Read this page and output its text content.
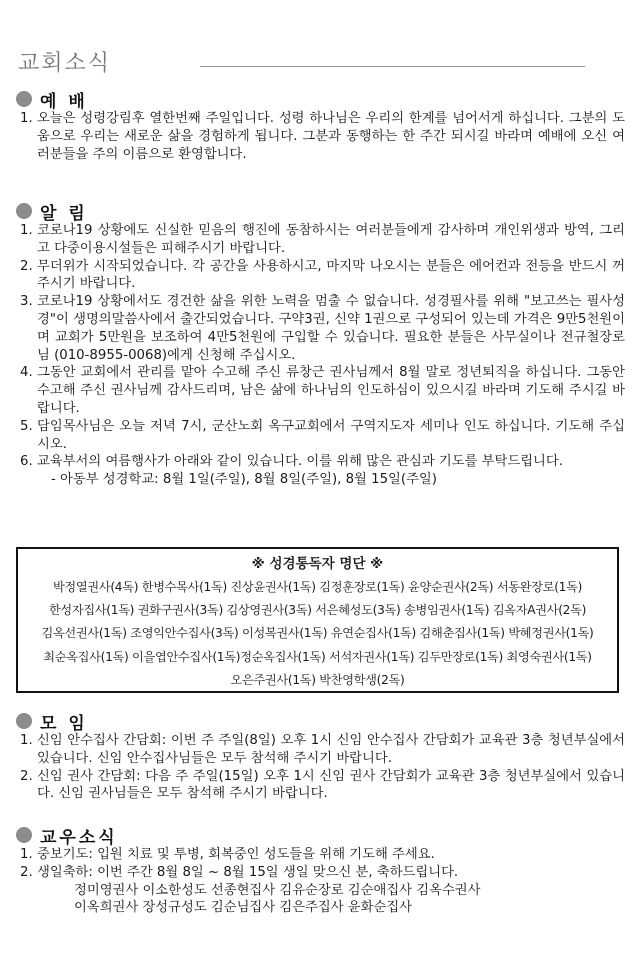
교회소식
예 배
1. 오늘은 성령강림후 열한번째 주일입니다. 성령 하나님은 우리의 한계를 넘어서게 하십니다. 그분의 도움으로 우리는 새로운 삶을 경험하게 됩니다. 그분과 동행하는 한 주간 되시길 바라며 예배에 오신 여러분들을 주의 이름으로 환영합니다.
알 림
1. 코로나19 상황에도 신실한 믿음의 행진에 동참하시는 여러분들에게 감사하며 개인위생과 방역, 그리고 다중이용시설들은 피해주시기 바랍니다.
2. 무더위가 시작되었습니다. 각 공간을 사용하시고, 마지막 나오시는 분들은 에어컨과 전등을 반드시 꺼주시기 바랍니다.
3. 코로나19 상황에서도 경건한 삶을 위한 노력을 멈출 수 없습니다. 성경필사를 위해 "보고쓰는 필사성경"이 생명의말씀사에서 출간되었습니다. 구약3권, 신약 1권으로 구성되어 있는데 가격은 9만5천원이며 교회가 5만원을 보조하여 4만5천원에 구입할 수 있습니다. 필요한 분들은 사무실이나 전규철장로님 (010-8955-0068)에게 신청해 주십시오.
4. 그동안 교회에서 관리를 맡아 수고해 주신 류창근 권사님께서 8월 말로 정년퇴직을 하십니다. 그동안 수고해 주신 권사님께 감사드리며, 남은 삶에 하나님의 인도하심이 있으시길 바라며 기도해 주시길 바랍니다.
5. 담임목사님은 오늘 저녁 7시, 군산노회 옥구교회에서 구역지도자 세미나 인도 하십니다. 기도해 주십시오.
6. 교육부서의 여름행사가 아래와 같이 있습니다. 이를 위해 많은 관심과 기도를 부탁드립니다.
- 아동부 성경학교: 8월 1일(주일), 8월 8일(주일), 8월 15일(주일)
※ 성경통독자 명단 ※
박정열권사(4독) 한병수목사(1독) 진상윤권사(1독) 김정훈장로(1독) 윤양순권사(2독) 서동완장로(1독)
한성자집사(1독) 권화구권사(3독) 김상영권사(3독) 서은혜성도(3독) 송병임권사(1독) 김옥자A권사(2독)
김옥선권사(1독) 조영익안수집사(3독) 이성복권사(1독) 유연순집사(1독) 김해춘집사(1독) 박혜정권사(1독)
최순옥집사(1독) 이을엽안수집사(1독)정순옥집사(1독) 서석자권사(1독) 김두만장로(1독) 최영숙권사(1독)
오은주권사(1독) 박찬영학생(2독)
모 임
1. 신임 안수집사 간담회: 이번 주 주일(8일) 오후 1시 신임 안수집사 간담회가 교육관 3층 청년부실에서 있습니다. 신임 안수집사님들은 모두 참석해 주시기 바랍니다.
2. 신임 권사 간담회: 다음 주 주일(15일) 오후 1시 신임 권사 간담회가 교육관 3층 청년부실에서 있습니다. 신임 권사님들은 모두 참석해 주시기 바랍니다.
교우소식
1. 중보기도: 입원 치료 및 투병, 회복중인 성도들을 위해 기도해 주세요.
2. 생일축하: 이번 주간 8월 8일 ~ 8월 15일 생일 맞으신 분, 축하드립니다.
정미영권사 이소한성도 선종현집사 김유순장로 김순애집사 김옥수권사
이옥희권사 장성규성도 김순님집사 김은주집사 윤화순집사
